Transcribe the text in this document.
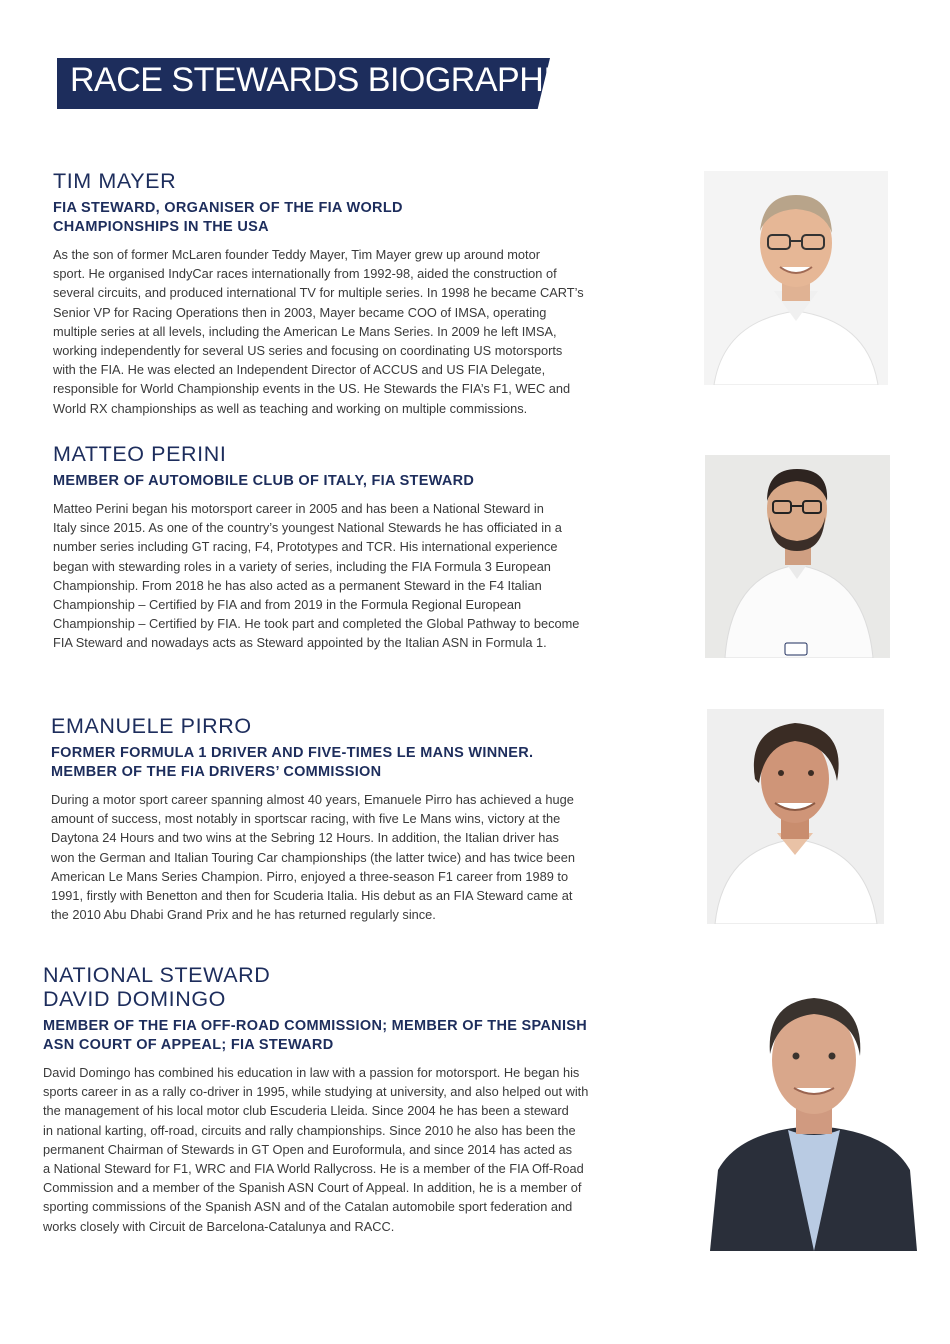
RACE STEWARDS BIOGRAPHIES
TIM MAYER
FIA STEWARD, ORGANISER OF THE FIA WORLD
CHAMPIONSHIPS IN THE USA
As the son of former McLaren founder Teddy Mayer, Tim Mayer grew up around motor
sport. He organised IndyCar races internationally from 1992-98, aided the construction of
several circuits, and produced international TV for multiple series. In 1998 he became CART’s
Senior VP for Racing Operations then in 2003, Mayer became COO of IMSA, operating
multiple series at all levels, including the American Le Mans Series. In 2009 he left IMSA,
working independently for several US series and focusing on coordinating US motorsports
with the FIA. He was elected an Independent Director of ACCUS and US FIA Delegate,
responsible for World Championship events in the US. He Stewards the FIA’s F1, WEC and
World RX championships as well as teaching and working on multiple commissions.
MATTEO PERINI
MEMBER OF AUTOMOBILE CLUB OF ITALY, FIA STEWARD
Matteo Perini began his motorsport career in 2005 and has been a National Steward in
Italy since 2015. As one of the country’s youngest National Stewards he has officiated in a
number series including GT racing, F4, Prototypes and TCR. His international experience
began with stewarding roles in a variety of series, including the FIA Formula 3 European
Championship. From 2018 he has also acted as a permanent Steward in the F4 Italian
Championship – Certified by FIA and from 2019 in the Formula Regional European
Championship – Certified by FIA. He took part and completed the Global Pathway to become
FIA Steward and nowadays acts as Steward appointed by the Italian ASN in Formula 1.
EMANUELE PIRRO
FORMER FORMULA 1 DRIVER AND FIVE-TIMES LE MANS WINNER.
MEMBER OF THE FIA DRIVERS’ COMMISSION
During a motor sport career spanning almost 40 years, Emanuele Pirro has achieved a huge
amount of success, most notably in sportscar racing, with five Le Mans wins, victory at the
Daytona 24 Hours and two wins at the Sebring 12 Hours. In addition, the Italian driver has
won the German and Italian Touring Car championships (the latter twice) and has twice been
American Le Mans Series Champion. Pirro, enjoyed a three-season F1 career from 1989 to
1991, firstly with Benetton and then for Scuderia Italia. His debut as an FIA Steward came at
the 2010 Abu Dhabi Grand Prix and he has returned regularly since.
NATIONAL STEWARD
DAVID DOMINGO
MEMBER OF THE FIA OFF-ROAD COMMISSION; MEMBER OF THE SPANISH
ASN COURT OF APPEAL; FIA STEWARD
David Domingo has combined his education in law with a passion for motorsport. He began his
sports career in as a rally co-driver in 1995, while studying at university, and also helped out with
the management of his local motor club Escuderia Lleida. Since 2004 he has been a steward
in national karting, off-road, circuits and rally championships. Since 2010 he also has been the
permanent Chairman of Stewards in GT Open and Euroformula, and since 2014 has acted as
a National Steward for F1, WRC and FIA World Rallycross. He is a member of the FIA Off-Road
Commission and a member of the Spanish ASN Court of Appeal. In addition, he is a member of
sporting commissions of the Spanish ASN and of the Catalan automobile sport federation and
works closely with Circuit de Barcelona-Catalunya and RACC.
